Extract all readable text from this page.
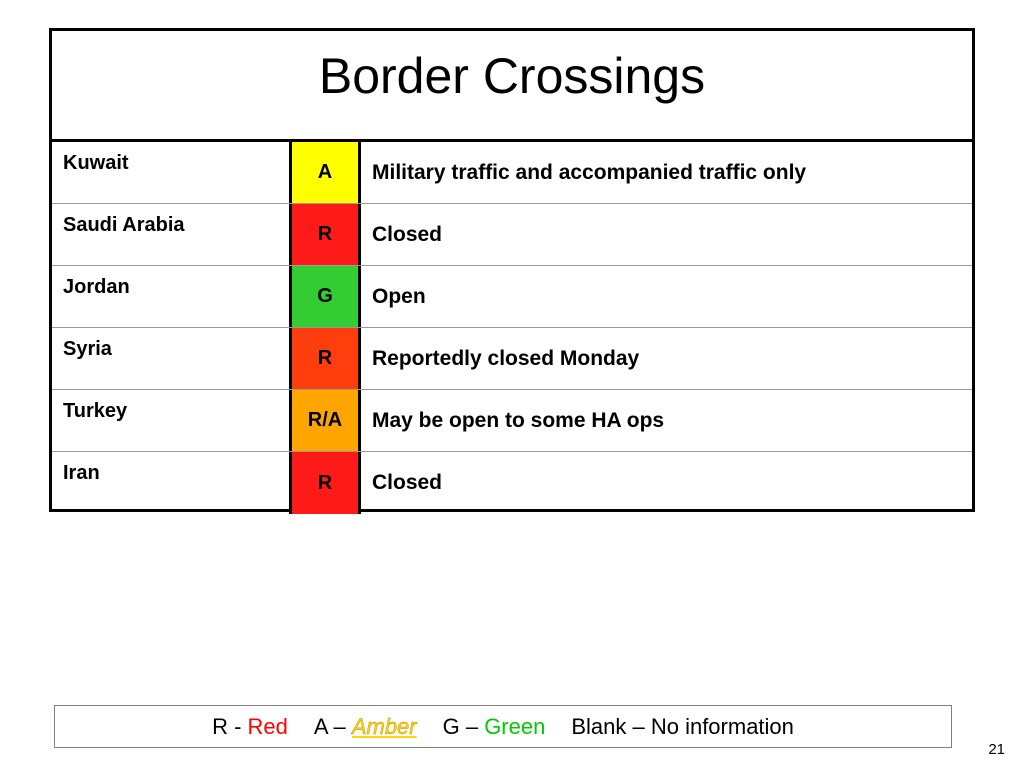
Border Crossings
Kuwait	A	Military traffic and accompanied traffic only
Saudi Arabia	R	Closed
Jordan	G	Open
Syria	R	Reportedly closed Monday
Turkey	R/A	May be open to some HA ops
Iran	R	Closed
R - Red A – Amber G – Green Blank – No information
21
